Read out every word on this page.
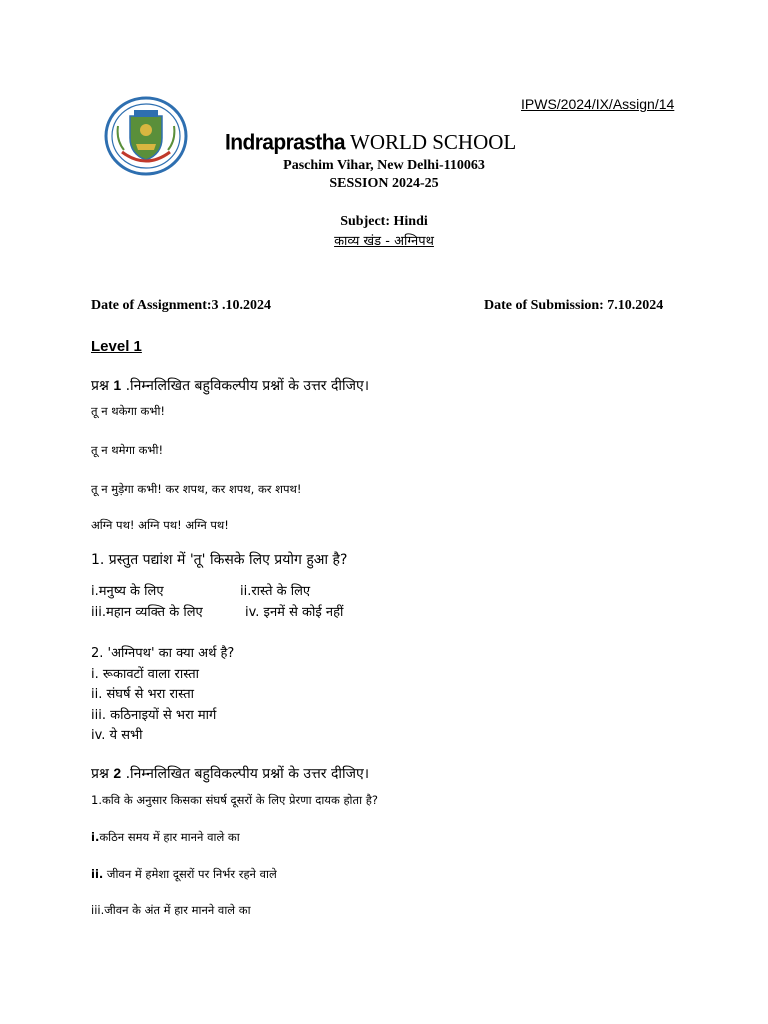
IPWS/2024/IX/Assign/14
Indraprastha WORLD SCHOOL
Paschim Vihar, New Delhi-110063
SESSION 2024-25
Subject: Hindi
काव्य खंड - अग्निपथ
Date of Assignment:3 .10.2024	Date of Submission: 7.10.2024
Level 1
प्रश्न 1 .निम्नलिखित बहुविकल्पीय प्रश्नों के उत्तर दीजिए।
तू न थकेगा कभी!
तू न थमेगा कभी!
तू न मुड़ेगा कभी! कर शपथ, कर शपथ, कर शपथ!
अग्नि पथ! अग्नि पथ! अग्नि पथ!
1. प्रस्तुत पद्यांश में 'तू' किसके लिए प्रयोग हुआ है?
i.मनुष्य के लिए	ii.रास्ते के लिए
iii.महान व्यक्ति के लिए	iv. इनमें से कोई नहीं
2. 'अग्निपथ' का क्या अर्थ है?
i. रूकावटों वाला रास्ता
ii. संघर्ष से भरा रास्ता
iii. कठिनाइयों से भरा मार्ग
iv. ये सभी
प्रश्न 2 .निम्नलिखित बहुविकल्पीय प्रश्नों के उत्तर दीजिए।
1.कवि के अनुसार किसका संघर्ष दूसरों के लिए प्रेरणा दायक होता है?
i.कठिन समय में हार मानने वाले का
ii. जीवन में हमेशा दूसरों पर निर्भर रहने वाले
iii.जीवन के अंत में हार मानने वाले का
